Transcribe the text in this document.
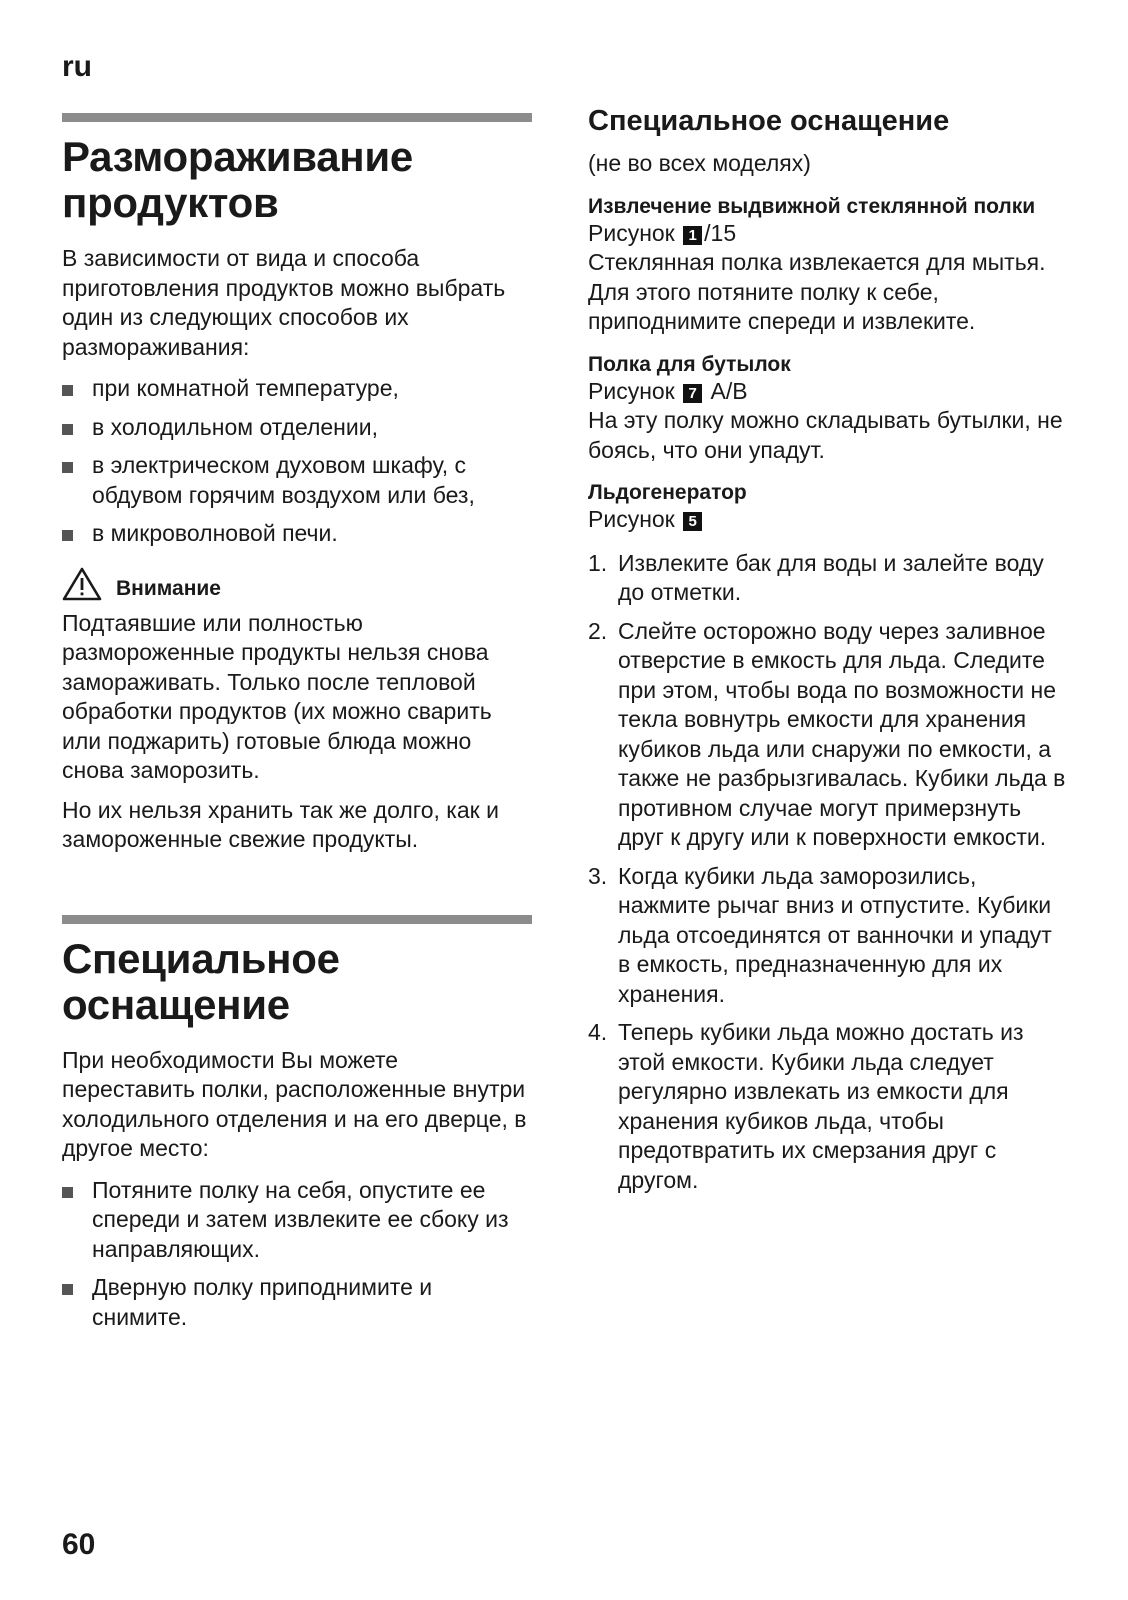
ru
Размораживание продуктов

В зависимости от вида и способа приготовления продуктов можно выбрать один из следующих способов их размораживания:

при комнатной температуре,
в холодильном отделении,
в электрическом духовом шкафу, с обдувом горячим воздухом или без,
в микроволновой печи.
Внимание

Подтаявшие или полностью размороженные продукты нельзя снова замораживать. Только после тепловой обработки продуктов (их можно сварить или поджарить) готовые блюда можно снова заморозить.

Но их нельзя хранить так же долго, как и замороженные свежие продукты.

Специальное оснащение

При необходимости Вы можете переставить полки, расположенные внутри холодильного отделения и на его дверце, в другое место:

Потяните полку на себя, опустите ее спереди и затем извлеките ее сбоку из направляющих.
Дверную полку приподнимите и снимите.
Специальное оснащение

(не во всех моделях)

Извлечение выдвижной стеклянной полки

Рисунок 1 /15

Стеклянная полка извлекается для мытья. Для этого потяните полку к себе, приподнимите спереди и извлеките.

Полка для бутылок

Рисунок 7 A/B

На эту полку можно складывать бутылки, не боясь, что они упадут.

Льдогенератор

Рисунок 5

1. Извлеките бак для воды и залейте воду до отметки.
2. Слейте осторожно воду через заливное отверстие в емкость для льда. Следите при этом, чтобы вода по возможности не текла вовнутрь емкости для хранения кубиков льда или снаружи по емкости, а также не разбрызгивалась. Кубики льда в противном случае могут примерзнуть друг к другу или к поверхности емкости.
3. Когда кубики льда заморозились, нажмите рычаг вниз и отпустите. Кубики льда отсоединятся от ванночки и упадут в емкость, предназначенную для их хранения.
4. Теперь кубики льда можно достать из этой емкости. Кубики льда следует регулярно извлекать из емкости для хранения кубиков льда, чтобы предотвратить их смерзания друг с другом.
60
